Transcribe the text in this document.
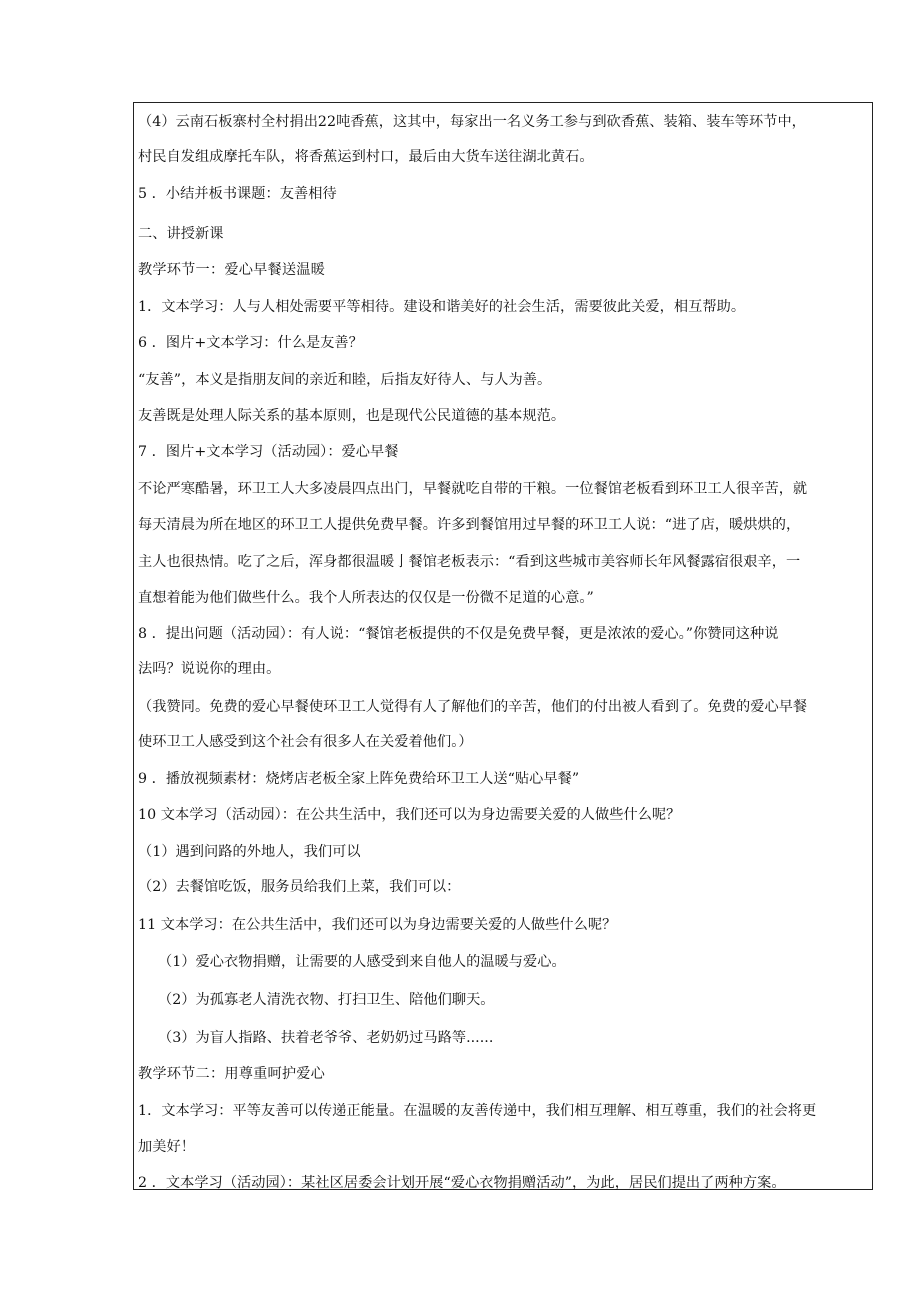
（4）云南石板寨村全村捐出22吨香蕉，这其中，每家出一名义务工参与到砍香蕉、装箱、装车等环节中，
村民自发组成摩托车队，将香蕉运到村口，最后由大货车送往湖北黄石。
5 ．小结并板书课题：友善相待
二、讲授新课
教学环节一：爱心早餐送温暖
1．文本学习：人与人相处需要平等相待。建设和谐美好的社会生活，需要彼此关爱，相互帮助。
6 ．图片+文本学习：什么是友善？
“友善”，本义是指朋友间的亲近和睦，后指友好待人、与人为善。
友善既是处理人际关系的基本原则，也是现代公民道德的基本规范。
7 ．图片+文本学习（活动园）：爱心早餐
不论严寒酷暑，环卫工人大多凌晨四点出门，早餐就吃自带的干粮。一位餐馆老板看到环卫工人很辛苦，就
每天清晨为所在地区的环卫工人提供免费早餐。许多到餐馆用过早餐的环卫工人说：“进了店，暖烘烘的，
主人也很热情。吃了之后，浑身都很温暖亅餐馆老板表示：“看到这些城市美容师长年风餐露宿很艰辛，一
直想着能为他们做些什么。我个人所表达的仅仅是一份微不足道的心意。”
8 ．提出问题（活动园）：有人说：“餐馆老板提供的不仅是免费早餐，更是浓浓的爱心。”你赞同这种说
法吗？说说你的理由。
（我赞同。免费的爱心早餐使环卫工人觉得有人了解他们的辛苦，他们的付出被人看到了。免费的爱心早餐
使环卫工人感受到这个社会有很多人在关爱着他们。）
9 ．播放视频素材：烧烤店老板全家上阵免费给环卫工人送“贴心早餐”
10 文本学习（活动园）：在公共生活中，我们还可以为身边需要关爱的人做些什么呢？
（1）遇到问路的外地人，我们可以
（2）去餐馆吃饭，服务员给我们上菜，我们可以：
11 文本学习：在公共生活中，我们还可以为身边需要关爱的人做些什么呢？
（1）爱心衣物捐赠，让需要的人感受到来自他人的温暖与爱心。
（2）为孤寡老人清洗衣物、打扫卫生、陪他们聊天。
（3）为盲人指路、扶着老爷爷、老奶奶过马路等......
教学环节二：用尊重呵护爱心
1．文本学习：平等友善可以传递正能量。在温暖的友善传递中，我们相互理解、相互尊重，我们的社会将更
加美好！
2 ．文本学习（活动园）：某社区居委会计划开展“爱心衣物捐赠活动”，为此，居民们提出了两种方案。
